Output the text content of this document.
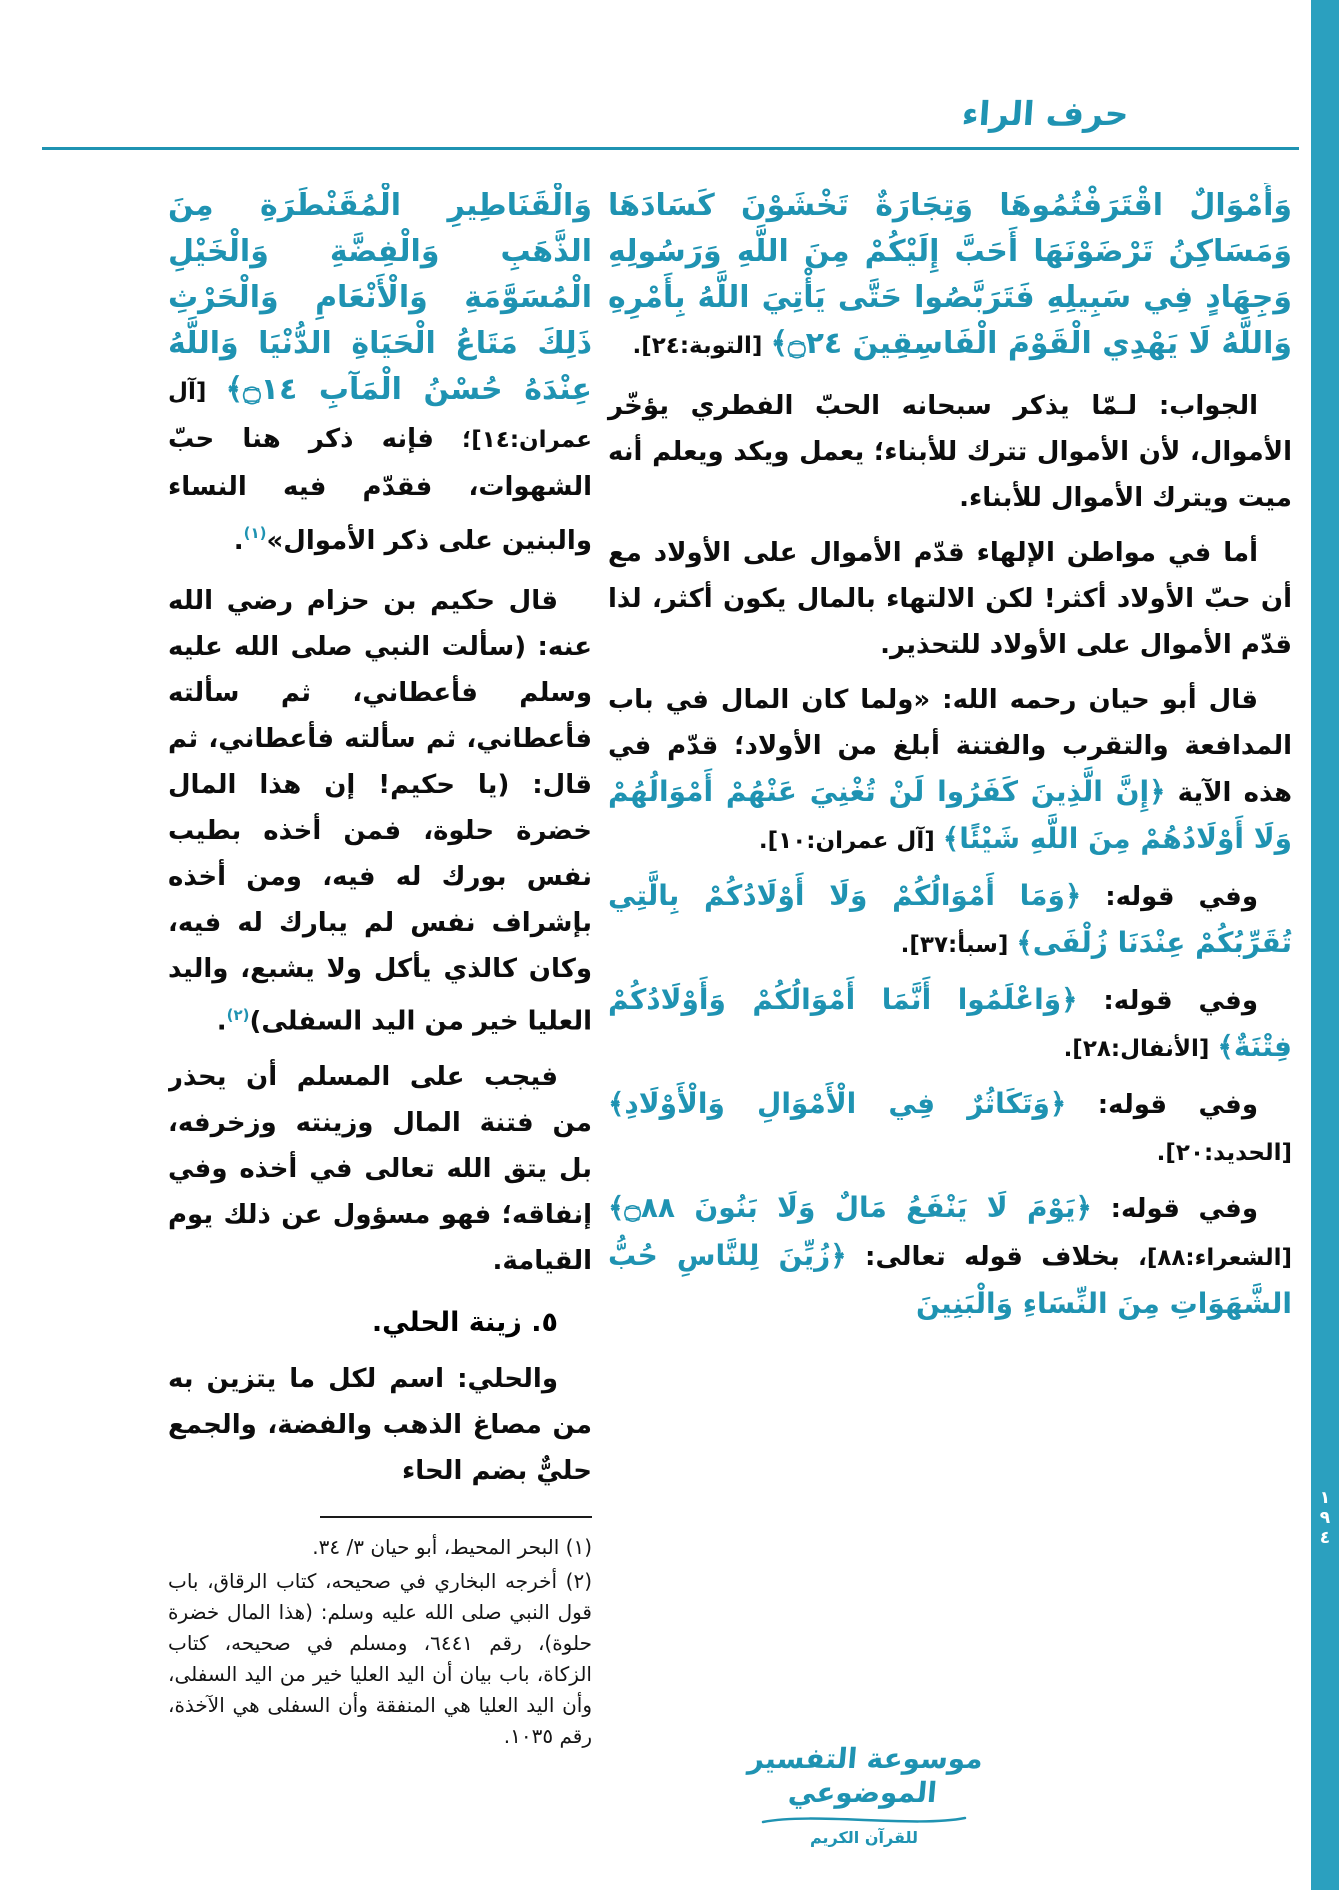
١٩٤
حرف الراء

وَأَمْوَالٌ اقْتَرَفْتُمُوهَا وَتِجَارَةٌ تَخْشَوْنَ كَسَادَهَا وَمَسَاكِنُ تَرْضَوْنَهَا أَحَبَّ إِلَيْكُمْ مِنَ اللَّهِ وَرَسُولِهِ وَجِهَادٍ فِي سَبِيلِهِ فَتَرَبَّصُوا حَتَّى يَأْتِيَ اللَّهُ بِأَمْرِهِ وَاللَّهُ لَا يَهْدِي الْقَوْمَ الْفَاسِقِينَ ۝٢٤﴾ [التوبة:٢٤].

الجواب: لـمّا يذكر سبحانه الحبّ الفطري يؤخّر الأموال، لأن الأموال تترك للأبناء؛ يعمل ويكد ويعلم أنه ميت ويترك الأموال للأبناء.

أما في مواطن الإلهاء قدّم الأموال على الأولاد مع أن حبّ الأولاد أكثر! لكن الالتهاء بالمال يكون أكثر، لذا قدّم الأموال على الأولاد للتحذير.

قال أبو حيان رحمه الله: «ولما كان المال في باب المدافعة والتقرب والفتنة أبلغ من الأولاد؛ قدّم في هذه الآية ﴿إِنَّ الَّذِينَ كَفَرُوا لَنْ تُغْنِيَ عَنْهُمْ أَمْوَالُهُمْ وَلَا أَوْلَادُهُمْ مِنَ اللَّهِ شَيْئًا﴾ [آل عمران:١٠].

وفي قوله: ﴿وَمَا أَمْوَالُكُمْ وَلَا أَوْلَادُكُمْ بِالَّتِي تُقَرِّبُكُمْ عِنْدَنَا زُلْفَى﴾ [سبأ:٣٧].

وفي قوله: ﴿وَاعْلَمُوا أَنَّمَا أَمْوَالُكُمْ وَأَوْلَادُكُمْ فِتْنَةٌ﴾ [الأنفال:٢٨].

وفي قوله: ﴿وَتَكَاثُرٌ فِي الْأَمْوَالِ وَالْأَوْلَادِ﴾ [الحديد:٢٠].

وفي قوله: ﴿يَوْمَ لَا يَنْفَعُ مَالٌ وَلَا بَنُونَ ۝٨٨﴾ [الشعراء:٨٨]، بخلاف قوله تعالى: ﴿زُيِّنَ لِلنَّاسِ حُبُّ الشَّهَوَاتِ مِنَ النِّسَاءِ وَالْبَنِينَ

وَالْقَنَاطِيرِ الْمُقَنْطَرَةِ مِنَ الذَّهَبِ وَالْفِضَّةِ وَالْخَيْلِ الْمُسَوَّمَةِ وَالْأَنْعَامِ وَالْحَرْثِ ذَلِكَ مَتَاعُ الْحَيَاةِ الدُّنْيَا وَاللَّهُ عِنْدَهُ حُسْنُ الْمَآبِ ۝١٤﴾ [آل عمران:١٤]؛ فإنه ذكر هنا حبّ الشهوات، فقدّم فيه النساء والبنين على ذكر الأموال»$^{(١)}$.

قال حكيم بن حزام رضي الله عنه: (سألت النبي صلى الله عليه وسلم فأعطاني، ثم سألته فأعطاني، ثم سألته فأعطاني، ثم قال: (يا حكيم! إن هذا المال خضرة حلوة، فمن أخذه بطيب نفس بورك له فيه، ومن أخذه بإشراف نفس لم يبارك له فيه، وكان كالذي يأكل ولا يشبع، واليد العليا خير من اليد السفلى)$^{(٢)}$.

فيجب على المسلم أن يحذر من فتنة المال وزينته وزخرفه، بل يتق الله تعالى في أخذه وفي إنفاقه؛ فهو مسؤول عن ذلك يوم القيامة.

٥. زينة الحلي.

والحلي: اسم لكل ما يتزين به من مصاغ الذهب والفضة، والجمع حليٌّ بضم الحاء

(١) البحر المحيط، أبو حيان ٣/ ٣٤.

(٢) أخرجه البخاري في صحيحه، كتاب الرقاق، باب قول النبي صلى الله عليه وسلم: (هذا المال خضرة حلوة)، رقم ٦٤٤١، ومسلم في صحيحه، كتاب الزكاة، باب بيان أن اليد العليا خير من اليد السفلى، وأن اليد العليا هي المنفقة وأن السفلى هي الآخذة، رقم ١٠٣٥.

موسوعة التفسير الموضوعي
للقرآن الكريم
